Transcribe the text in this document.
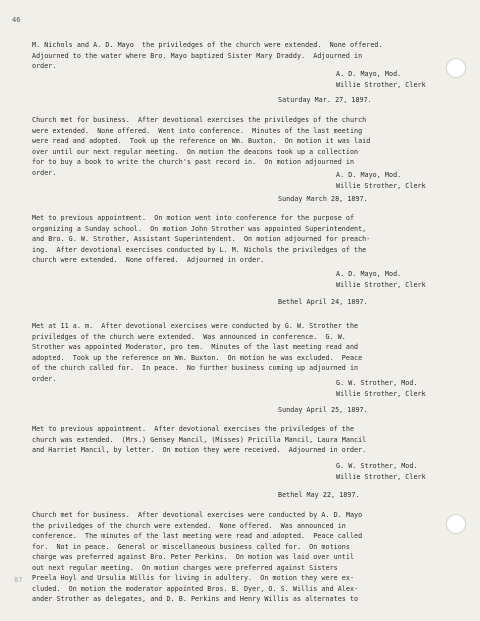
46
M. Nichols and A. D. Mayo  the priviledges of the church were extended.  None offered.
Adjourned to the water where Bro. Mayo baptized Sister Mary Draddy.  Adjourned in
order.
A. D. Mayo, Mod.
Willie Strother, Clerk
Saturday Mar. 27, 1897.
Church met for business.  After devotional exercises the priviledges of the church
were extended.  None offered.  Went into conference.  Minutes of the last meeting
were read and adopted.  Took up the reference on Wm. Buxton.  On motion it was laid
over until our next regular meeting.  On motion the deacons took up a collection
for to buy a book to write the church's past record in.  On motion adjourned in
order.	A. D. Mayo, Mod.
Willie Strother, Clerk
Sunday March 28, 1897.
Met to previous appointment.  On motion went into conference for the purpose of
organizing a Sunday school.  On motion John Strother was appointed Superintendent,
and Bro. G. W. Strother, Assistant Superintendent.  On motion adjourned for preach-
ing.  After devotional exercises conducted by L. M. Nichols the priviledges of the
church were extended.  None offered.  Adjourned in order.
A. D. Mayo, Mod.
Willie Strother, Clerk
Bethel April 24, 1897.
Met at 11 a. m.  After devotional exercises were conducted by G. W. Strother the
priviledges of the church were extended.  Was announced in conference.  G. W.
Strother was appointed Moderator, pro tem.  Minutes of the last meeting read and
adopted.  Took up the reference on Wm. Buxton.  On motion he was excluded.  Peace
of the church called for.  In peace.  No further business coming up adjourned in
order.
G. W. Strother, Mod.
Willie Strother, Clerk
Sunday April 25, 1897.
Met to previous appointment.  After devotional exercises the priviledges of the
church was extended.  (Mrs.) Gensey Mancil, (Misses) Pricilla Mancil, Laura Mancil
and Harriet Mancil, by letter.  On motion they were received.  Adjourned in order.
G. W. Strother, Mod.
Willie Strother, Clerk
Bethel May 22, 1897.
Church met for business.  After devotional exercises were conducted by A. D. Mayo
the priviledges of the church were extended.  None offered.  Was announced in
conference.  The minutes of the last meeting were read and adopted.  Peace called
for.  Not in peace.  General or miscellaneous business called for.  On motions
charge was preferred against Bro. Peter Perkins.  On motion was laid over until
out next regular meeting.  On motion charges were preferred against Sisters
Preela Hoyl and Ursulia Willis for living in adultery.  On motion they were ex-
cluded.  On motion the moderator appointed Bros. B. Dyer, O. S. Willis and Alex-
ander Strother as delegates, and D. B. Perkins and Henry Willis as alternates to
87
